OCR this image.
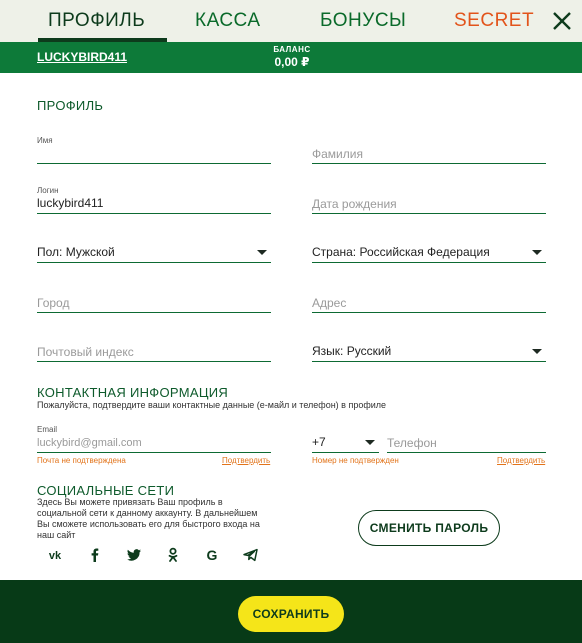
ПРОФИЛЬ	КАССА	БОНУСЫ	SECRET
LUCKYBIRD411
БАЛАНС
0,00 ₽
ПРОФИЛЬ
Имя
Фамилия
Логин
luckybird411
Дата рождения
Пол: Мужской	Страна: Российская Федерация
Город
Адрес
Почтовый индекс
Язык: Русский
КОНТАКТНАЯ ИНФОРМАЦИЯ
Пожалуйста, подтвердите ваши контактные данные (е-майл и телефон) в профиле
Email
luckybird@gmail.com
Почта не подтверждена	Подтвердить
+7
Телефон
Номер не подтвержден	Подтвердить
СОЦИАЛЬНЫЕ СЕТИ
Здесь Вы можете привязать Ваш профиль в социальной сети к данному аккаунту. В дальнейшем Вы сможете использовать его для быстрого входа на наш сайт
vk	G
СМЕНИТЬ ПАРОЛЬ
СОХРАНИТЬ
